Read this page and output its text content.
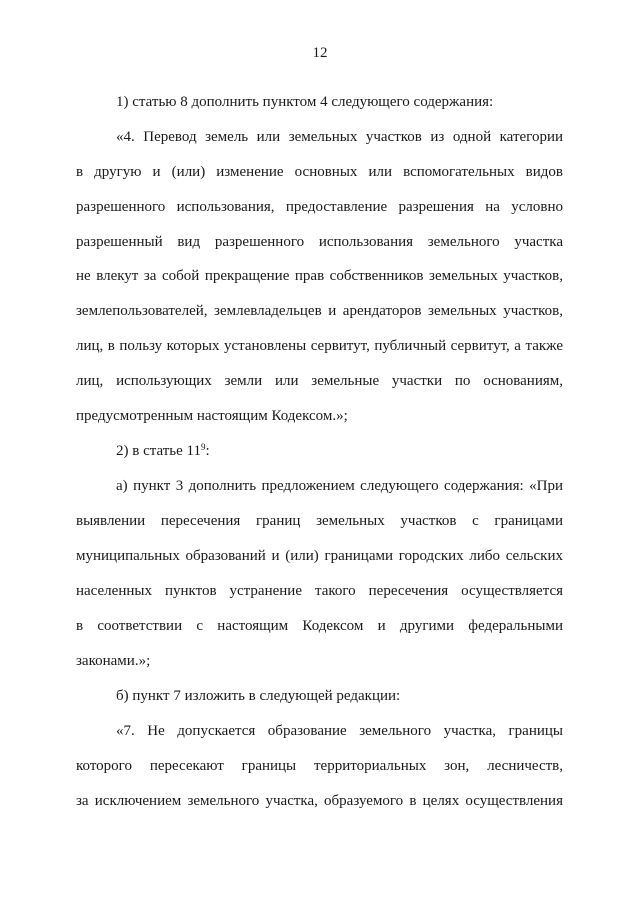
12
1) статью 8 дополнить пунктом 4 следующего содержания:
«4. Перевод земель или земельных участков из одной категории
в другую и (или) изменение основных или вспомогательных видов
разрешенного использования, предоставление разрешения на условно
разрешенный вид разрешенного использования земельного участка
не влекут за собой прекращение прав собственников земельных участков,
землепользователей, землевладельцев и арендаторов земельных участков,
лиц, в пользу которых установлены сервитут, публичный сервитут, а также
лиц, использующих земли или земельные участки по основаниям,
предусмотренным настоящим Кодексом.»;
2) в статье $11^9$:
а) пункт 3 дополнить предложением следующего содержания: «При
выявлении пересечения границ земельных участков с границами
муниципальных образований и (или) границами городских либо сельских
населенных пунктов устранение такого пересечения осуществляется
в соответствии с настоящим Кодексом и другими федеральными
законами.»;
б) пункт 7 изложить в следующей редакции:
«7. Не допускается образование земельного участка, границы
которого пересекают границы территориальных зон, лесничеств,
за исключением земельного участка, образуемого в целях осуществления
